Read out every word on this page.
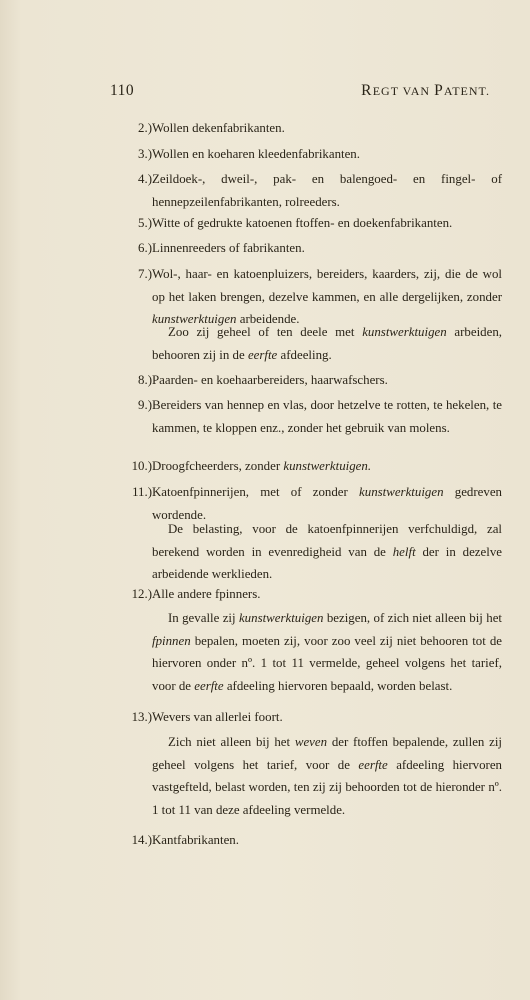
110	REGT VAN PATENT.
2.) Wollen dekenfabrikanten.
3.) Wollen en koeharen kleedenfabrikanten.
4.) Zeildoek-, dweil-, pak- en balengoed- en fingel- of hennepzeilenfabrikanten, rolreeders.
5.) Witte of gedrukte katoenen ftoffen- en doekenfabrikanten.
6.) Linnenreeders of fabrikanten.
7.) Wol-, haar- en katoenpluizers, bereiders, kaarders, zij, die de wol op het laken brengen, dezelve kammen, en alle dergelijken, zonder kunstwerktuigen arbeidende.
Zoo zij geheel of ten deele met kunstwerktuigen arbeiden, behooren zij in de eerfte afdeeling.
8.) Paarden- en koehaarbereiders, haarwafschers.
9.) Bereiders van hennep en vlas, door hetzelve te rotten, te hekelen, te kammen, te kloppen enz., zonder het gebruik van molens.
10.) Droogfcheerders, zonder kunstwerktuigen.
11.) Katoenfpinnerijen, met of zonder kunstwerktuigen gedreven wordende.
De belasting, voor de katoenfpinnerijen verfchuldigd, zal berekend worden in evenredigheid van de helft der in dezelve arbeidende werklieden.
12.) Alle andere fpinners.
In gevalle zij kunstwerktuigen bezigen, of zich niet alleen bij het fpinnen bepalen, moeten zij, voor zoo veel zij niet behooren tot de hiervoren onder nº. 1 tot 11 vermelde, geheel volgens het tarief, voor de eerfte afdeeling hiervoren bepaald, worden belast.
13.) Wevers van allerlei foort.
Zich niet alleen bij het weven der ftoffen bepalende, zullen zij geheel volgens het tarief, voor de eerfte afdeeling hiervoren vastgefteld, belast worden, ten zij zij behoorden tot de hieronder nº. 1 tot 11 van deze afdeeling vermelde.
14.) Kantfabrikanten.
